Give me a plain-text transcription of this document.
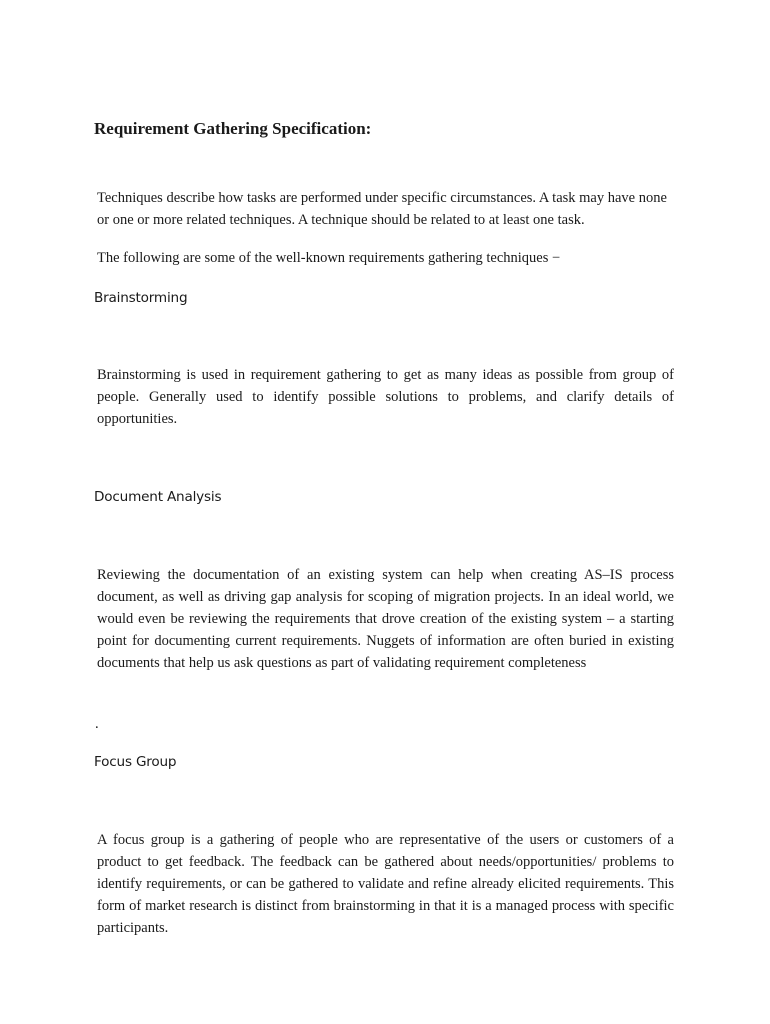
Requirement Gathering Specification:

Techniques describe how tasks are performed under specific circumstances. A task may have none or one or more related techniques. A technique should be related to at least one task.

The following are some of the well-known requirements gathering techniques −

Brainstorming

Brainstorming is used in requirement gathering to get as many ideas as possible from group of people. Generally used to identify possible solutions to problems, and clarify details of opportunities.

Document Analysis

Reviewing the documentation of an existing system can help when creating AS–IS process document, as well as driving gap analysis for scoping of migration projects. In an ideal world, we would even be reviewing the requirements that drove creation of the existing system – a starting point for documenting current requirements. Nuggets of information are often buried in existing documents that help us ask questions as part of validating requirement completeness

.

Focus Group

A focus group is a gathering of people who are representative of the users or customers of a product to get feedback. The feedback can be gathered about needs/opportunities/ problems to identify requirements, or can be gathered to validate and refine already elicited requirements. This form of market research is distinct from brainstorming in that it is a managed process with specific participants.
